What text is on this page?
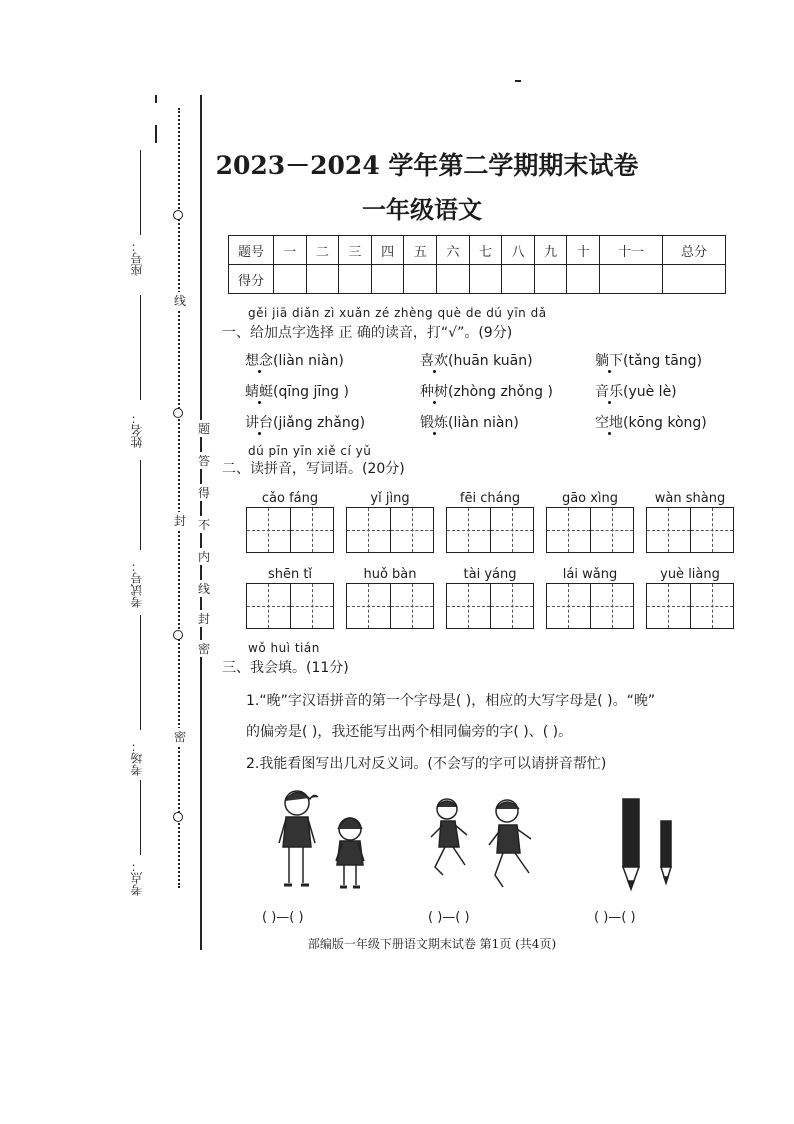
座号：
姓名：
考试号：
考场：
考点：
线
封
密
题
答
得
不
内
线
封
密
2023－2024 学年第二学期期末试卷
一年级语文
题号	一	二	三	四	五	六	七	八	九	十	十一	总分
得分												
gěi jiā diǎn zì xuǎn zé zhèng què de dú yīn dǎ
一、给加点字选择 正 确的读音，打“√”。(9分)
想念(liàn niàn)	喜欢(huān kuān)	躺下(tǎng tāng)
蜻蜓(qīng jīng )	种树(zhòng zhǒng )	音乐(yuè lè)
讲台(jiǎng zhǎng)	锻炼(liàn niàn)	空地(kōng kòng)
dú pīn yīn xiě cí yǔ
二、读拼音，写词语。(20分)
cǎo fáng	yǐ jìng	fēi cháng	gāo xìng	wàn shàng
shēn tǐ	huǒ bàn	tài yáng	lái wǎng	yuè liàng
wǒ huì tián
三、我会填。(11分)
1.“晚”字汉语拼音的第一个字母是( )，相应的大写字母是( )。“晚”
的偏旁是( )，我还能写出两个相同偏旁的字( )、( )。
2.我能看图写出几对反义词。(不会写的字可以请拼音帮忙)
( )—( )	( )—( )	( )—( )
部编版一年级下册语文期末试卷 第1页 (共4页)
